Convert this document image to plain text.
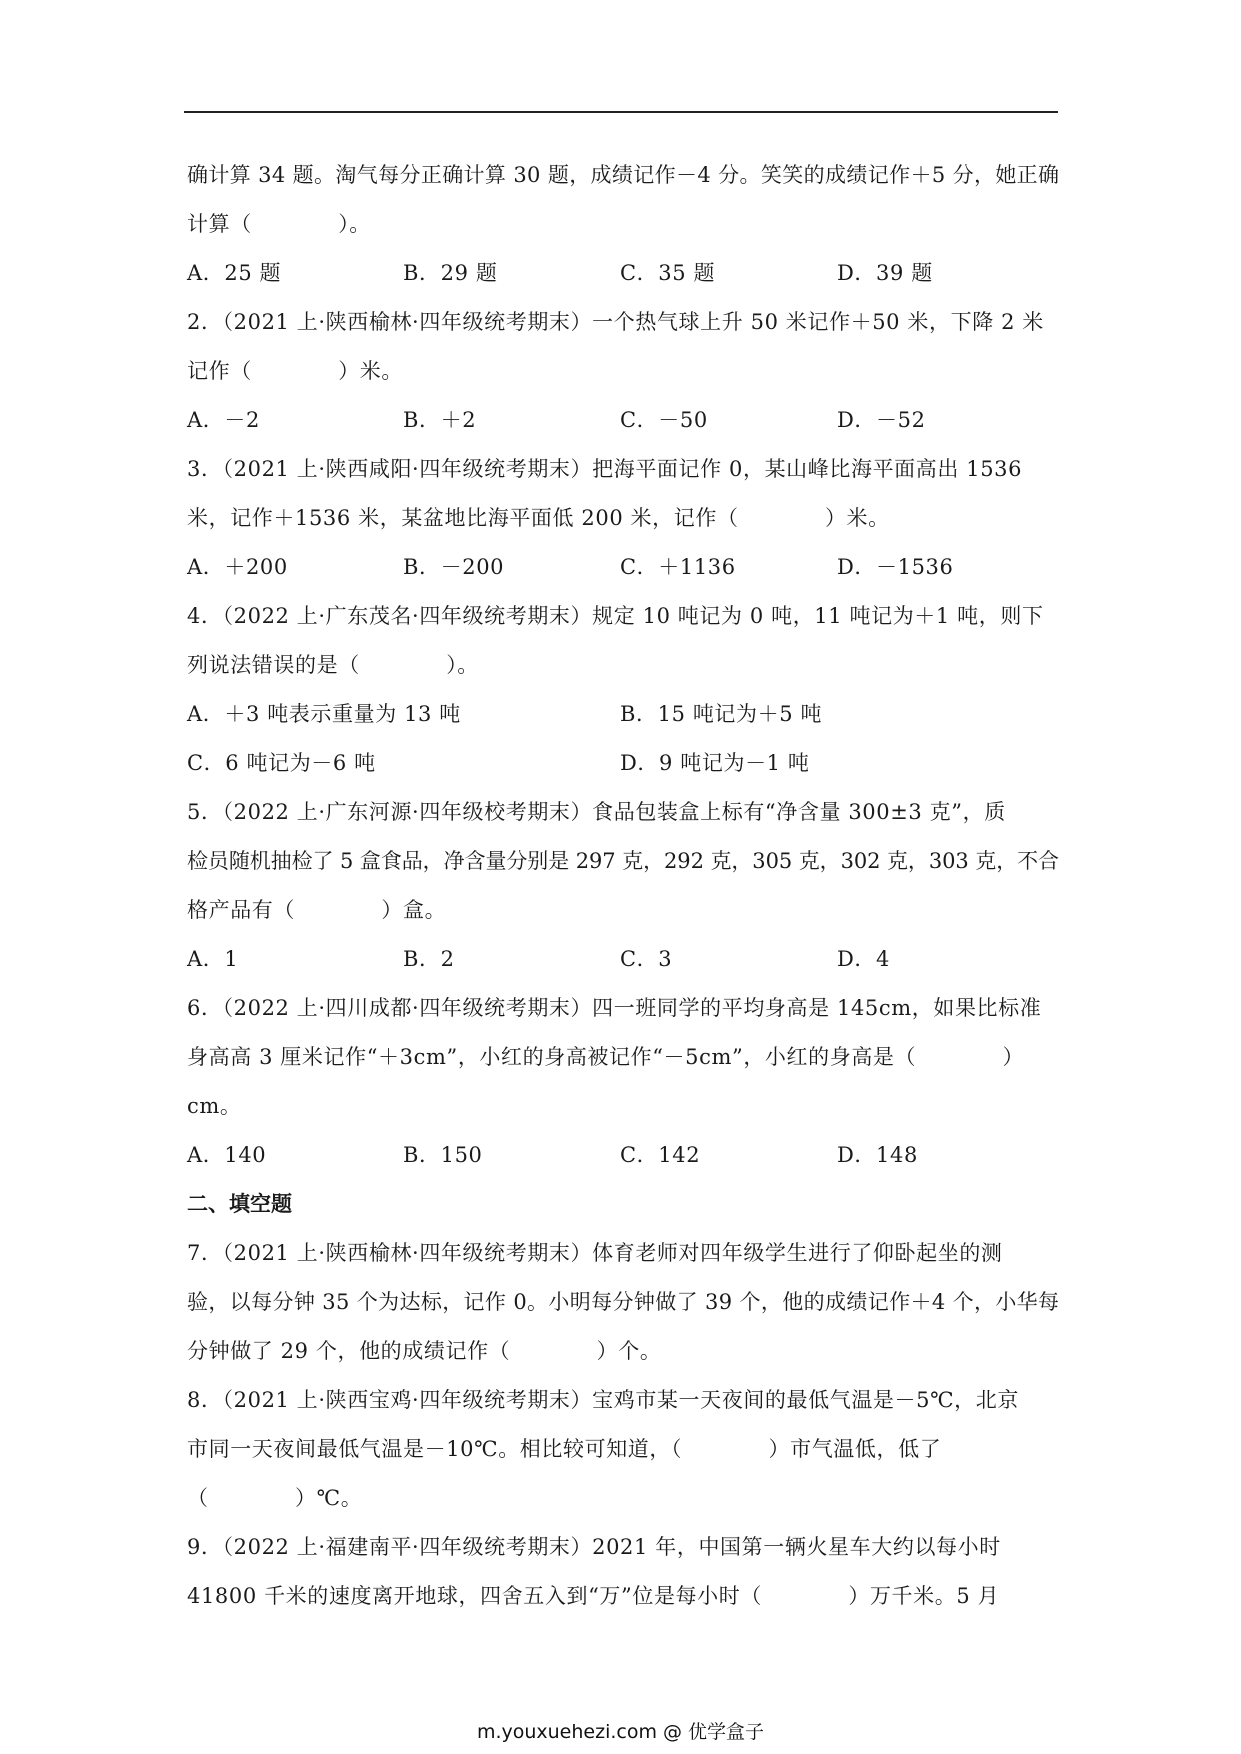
确计算 34 题。淘气每分正确计算 30 题，成绩记作－4 分。笑笑的成绩记作＋5 分，她正确
计算（　　　　）。
A．25 题	B．29 题	C．35 题	D．39 题
2．（2021 上·陕西榆林·四年级统考期末）一个热气球上升 50 米记作＋50 米，下降 2 米
记作（　　　　）米。
A．－2	B．＋2	C．－50	D．－52
3．（2021 上·陕西咸阳·四年级统考期末）把海平面记作 0，某山峰比海平面高出 1536
米，记作＋1536 米，某盆地比海平面低 200 米，记作（　　　　）米。
A．＋200	B．－200	C．＋1136	D．－1536
4．（2022 上·广东茂名·四年级统考期末）规定 10 吨记为 0 吨，11 吨记为＋1 吨，则下
列说法错误的是（　　　　）。
A．＋3 吨表示重量为 13 吨	B．15 吨记为＋5 吨
C．6 吨记为－6 吨	D．9 吨记为－1 吨
5．（2022 上·广东河源·四年级校考期末）食品包装盒上标有“净含量 300±3 克”，质
检员随机抽检了 5 盒食品，净含量分别是 297 克，292 克，305 克，302 克，303 克，不合
格产品有（　　　　）盒。
A．1	B．2	C．3	D．4
6．（2022 上·四川成都·四年级统考期末）四一班同学的平均身高是 145cm，如果比标准
身高高 3 厘米记作“＋3cm”，小红的身高被记作“－5cm”，小红的身高是（　　　　）
cm。
A．140	B．150	C．142	D．148
二、填空题
7．（2021 上·陕西榆林·四年级统考期末）体育老师对四年级学生进行了仰卧起坐的测
验，以每分钟 35 个为达标，记作 0。小明每分钟做了 39 个，他的成绩记作＋4 个，小华每
分钟做了 29 个，他的成绩记作（　　　　）个。
8．（2021 上·陕西宝鸡·四年级统考期末）宝鸡市某一天夜间的最低气温是－5℃，北京
市同一天夜间最低气温是－10℃。相比较可知道，（　　　　）市气温低，低了
（　　　　）℃。
9．（2022 上·福建南平·四年级统考期末）2021 年，中国第一辆火星车大约以每小时
41800 千米的速度离开地球，四舍五入到“万”位是每小时（　　　　）万千米。5 月
m.youxuehezi.com @ 优学盒子
